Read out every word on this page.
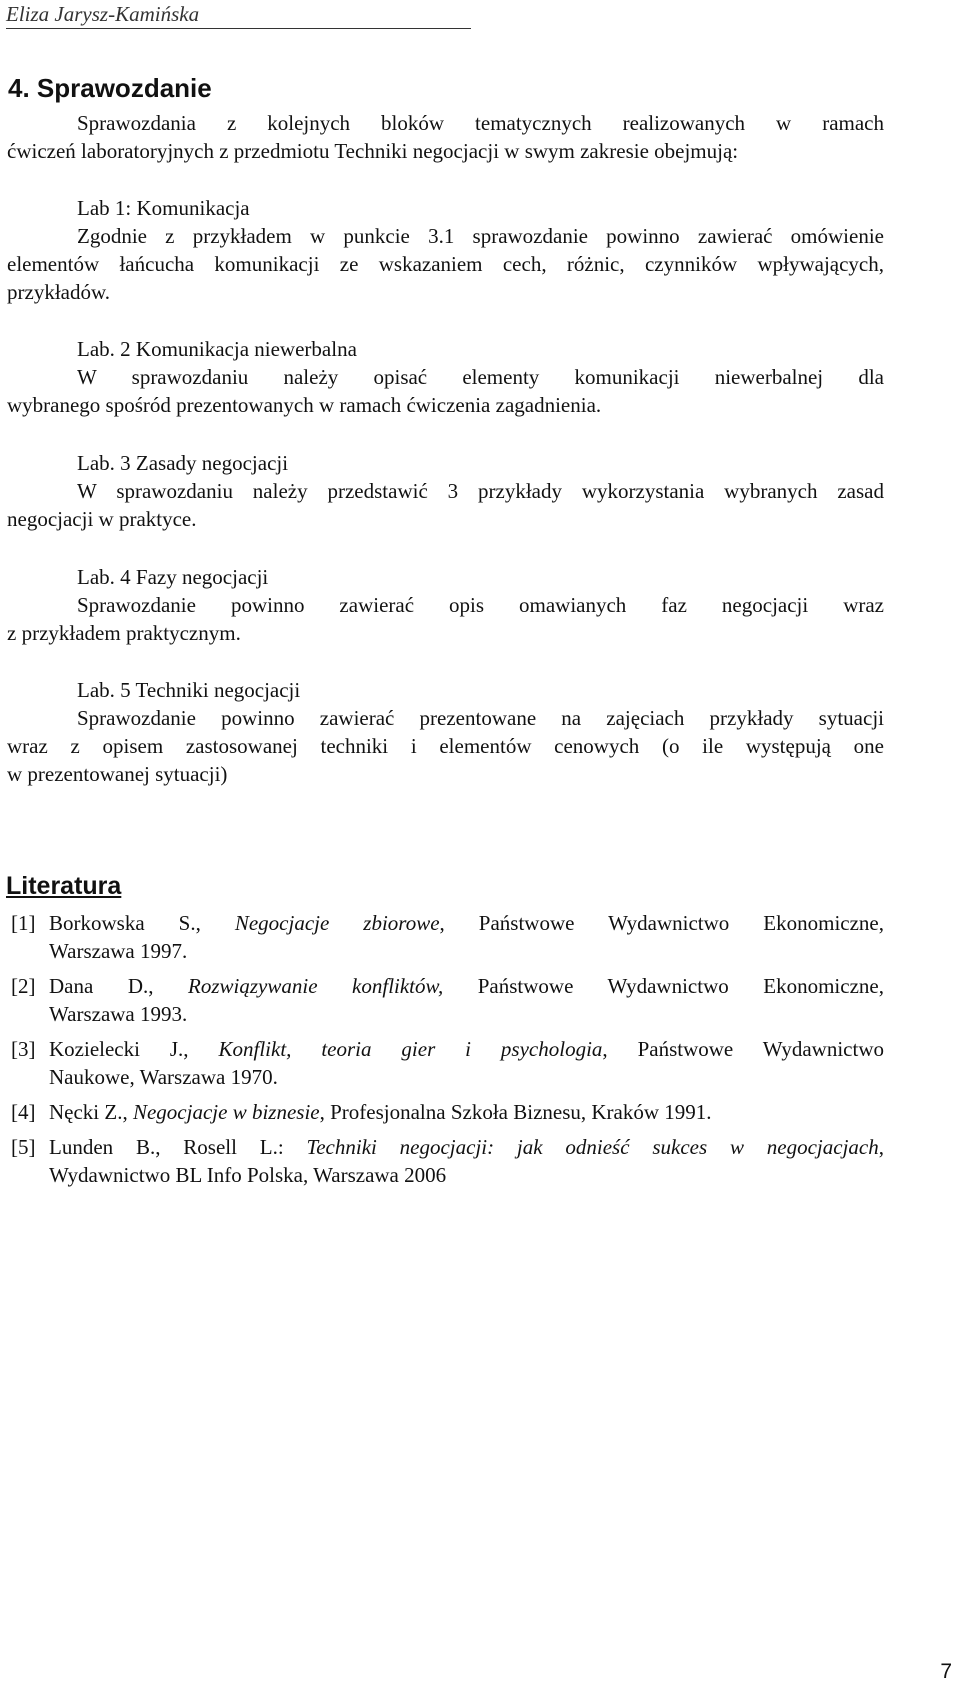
Eliza Jarysz-Kamińska
4. Sprawozdanie
Sprawozdania z kolejnych bloków tematycznych realizowanych w ramach
ćwiczeń laboratoryjnych z przedmiotu Techniki negocjacji w swym zakresie obejmują:
Lab 1: Komunikacja
Zgodnie z przykładem w punkcie 3.1 sprawozdanie powinno zawierać omówienie
elementów łańcucha komunikacji ze wskazaniem cech, różnic, czynników wpływających,
przykładów.
Lab. 2 Komunikacja niewerbalna
W sprawozdaniu należy opisać elementy komunikacji niewerbalnej dla
wybranego spośród prezentowanych w ramach ćwiczenia zagadnienia.
Lab. 3 Zasady negocjacji
W sprawozdaniu należy przedstawić 3 przykłady wykorzystania wybranych zasad
negocjacji w praktyce.
Lab. 4 Fazy negocjacji
Sprawozdanie powinno zawierać opis omawianych faz negocjacji wraz
z przykładem praktycznym.
Lab. 5 Techniki negocjacji
Sprawozdanie powinno zawierać prezentowane na zajęciach przykłady sytuacji
wraz z opisem zastosowanej techniki i elementów cenowych (o ile występują one
w prezentowanej sytuacji)
Literatura
[1] Borkowska S., Negocjacje zbiorowe, Państwowe Wydawnictwo Ekonomiczne,
Warszawa 1997.
[2] Dana D., Rozwiązywanie konfliktów, Państwowe Wydawnictwo Ekonomiczne,
Warszawa 1993.
[3] Kozielecki J., Konflikt, teoria gier i psychologia, Państwowe Wydawnictwo
Naukowe, Warszawa 1970.
[4] Nęcki Z., Negocjacje w biznesie, Profesjonalna Szkoła Biznesu, Kraków 1991.
[5] Lunden B., Rosell L.: Techniki negocjacji: jak odnieść sukces w negocjacjach,
Wydawnictwo BL Info Polska, Warszawa 2006
7
